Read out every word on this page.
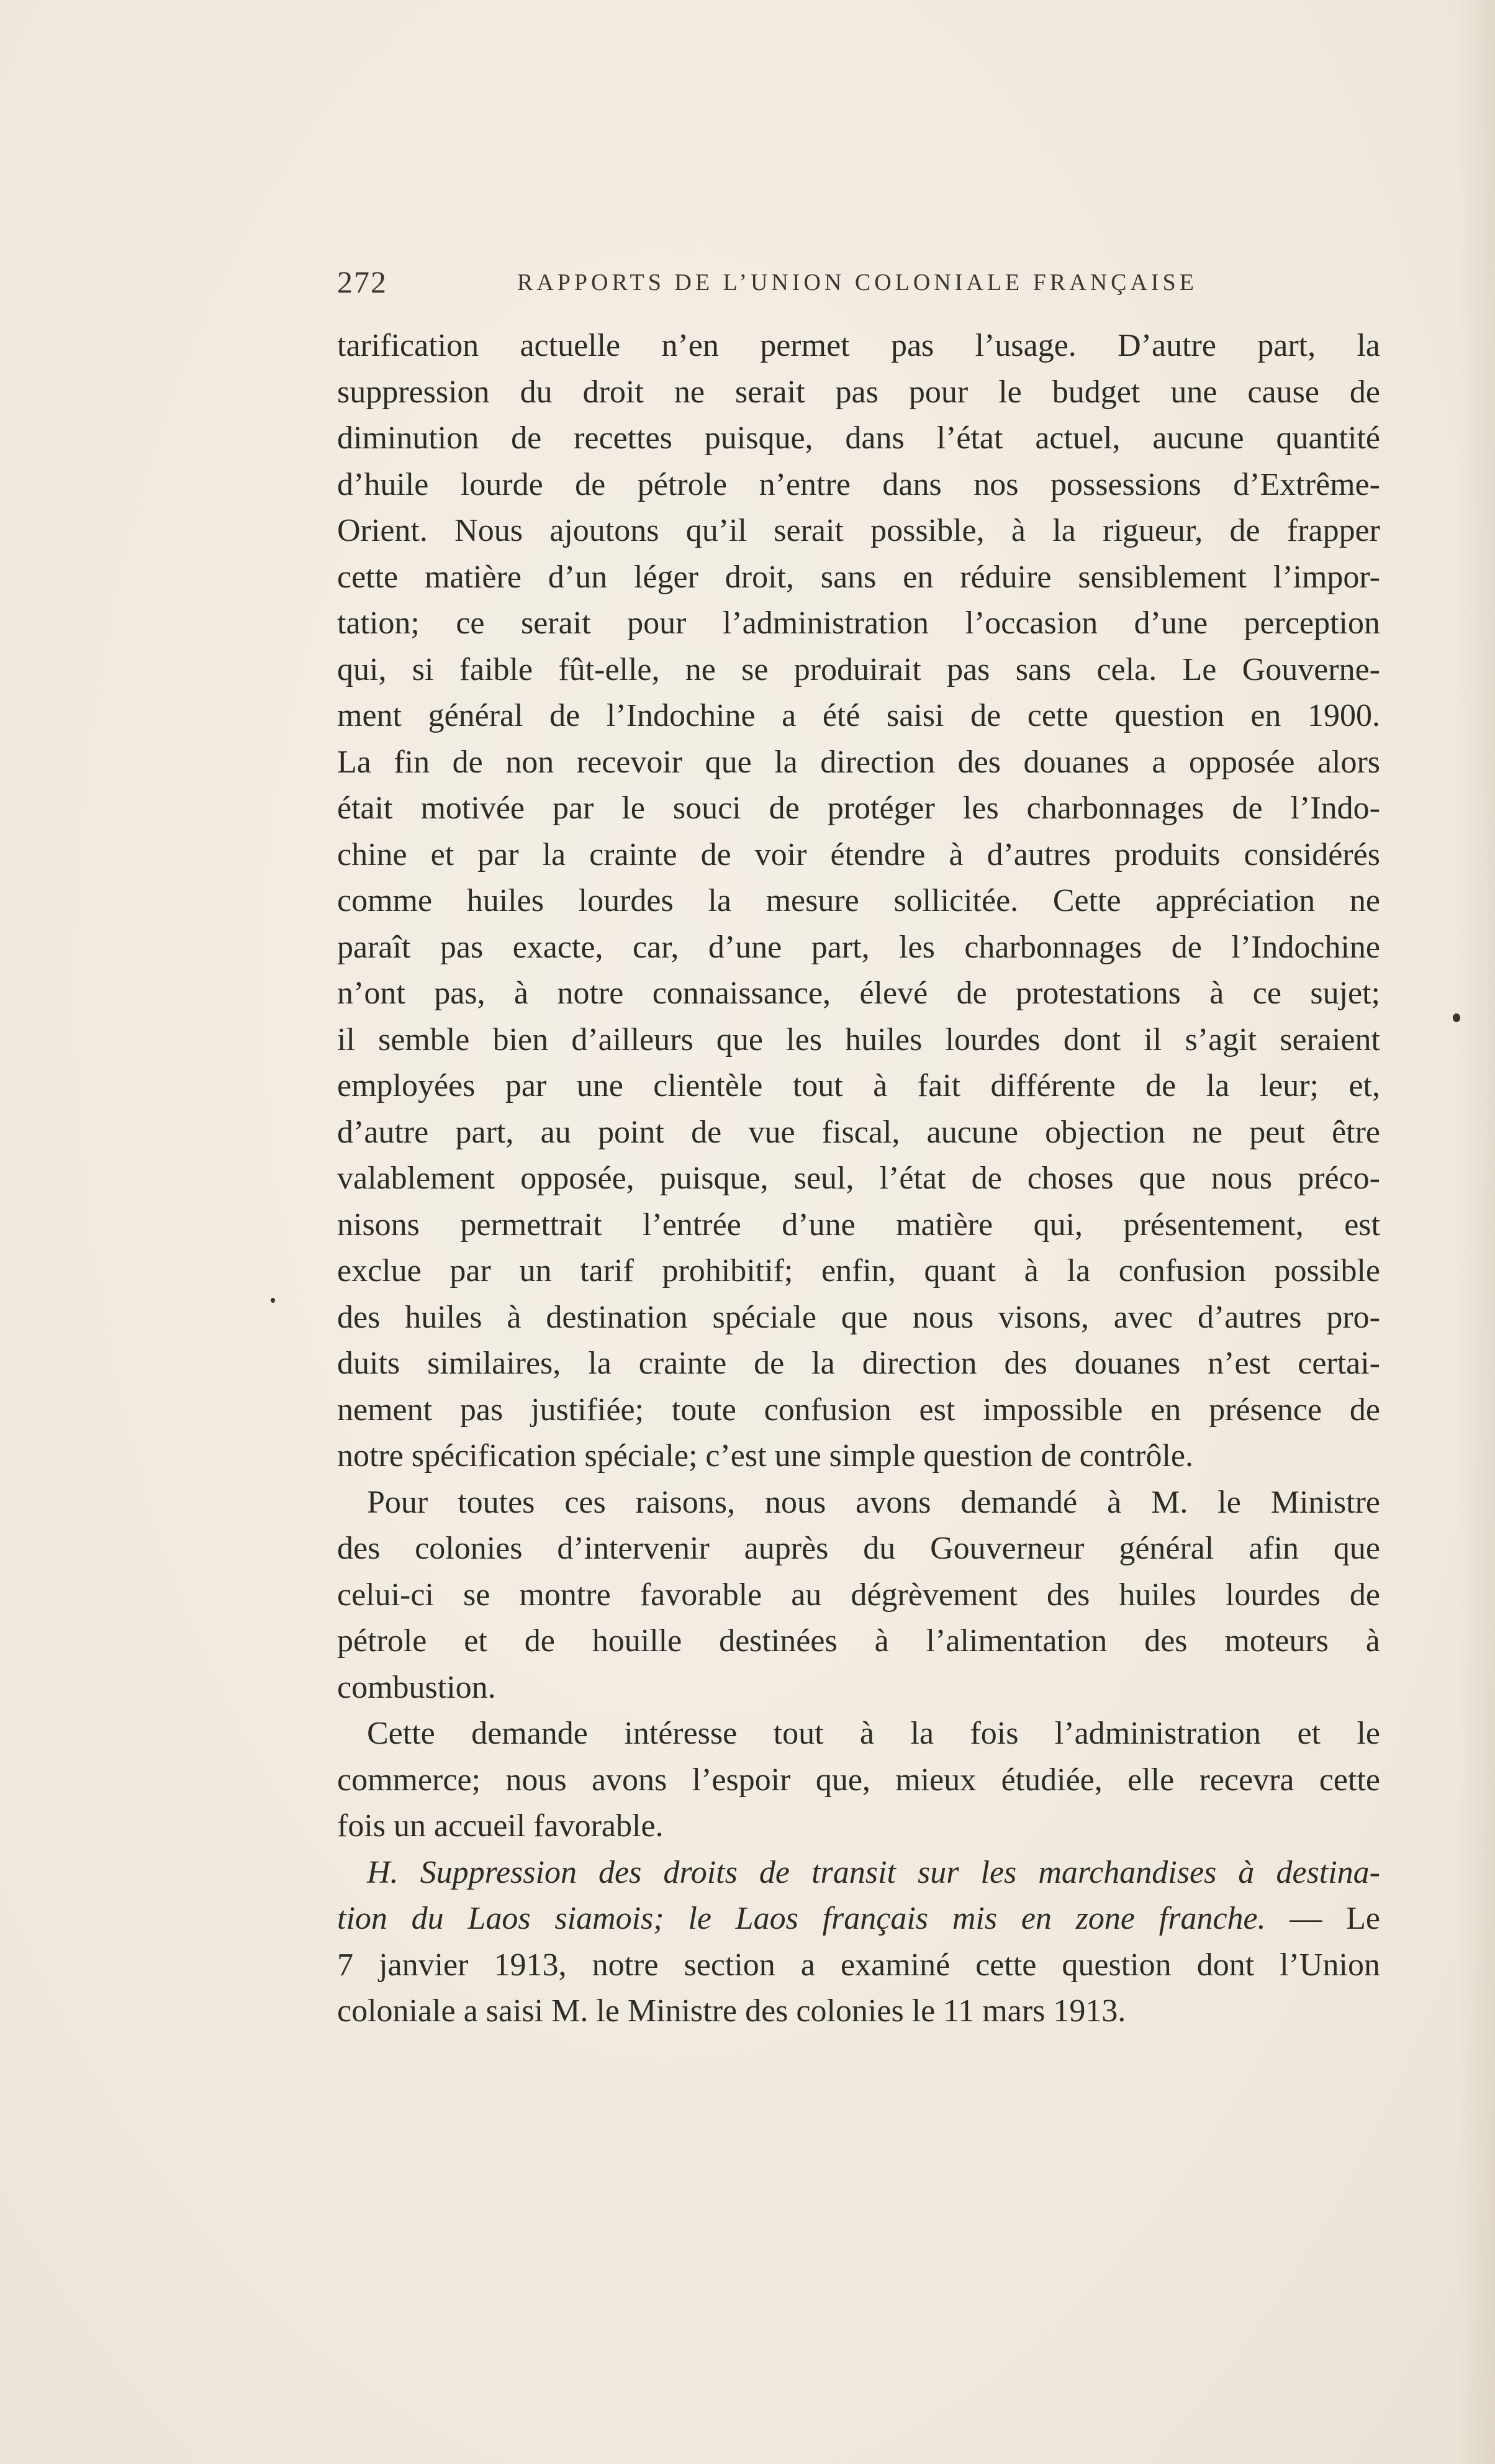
272	RAPPORTS DE L’UNION COLONIALE FRANÇAISE
tarification actuelle n’en permet pas l’usage. D’autre part, la
suppression du droit ne serait pas pour le budget une cause de
diminution de recettes puisque, dans l’état actuel, aucune quantité
d’huile lourde de pétrole n’entre dans nos possessions d’Extrême-
Orient. Nous ajoutons qu’il serait possible, à la rigueur, de frapper
cette matière d’un léger droit, sans en réduire sensiblement l’impor-
tation; ce serait pour l’administration l’occasion d’une perception
qui, si faible fût-elle, ne se produirait pas sans cela. Le Gouverne-
ment général de l’Indochine a été saisi de cette question en 1900.
La fin de non recevoir que la direction des douanes a opposée alors
était motivée par le souci de protéger les charbonnages de l’Indo-
chine et par la crainte de voir étendre à d’autres produits considérés
comme huiles lourdes la mesure sollicitée. Cette appréciation ne
paraît pas exacte, car, d’une part, les charbonnages de l’Indochine
n’ont pas, à notre connaissance, élevé de protestations à ce sujet;
il semble bien d’ailleurs que les huiles lourdes dont il s’agit seraient
employées par une clientèle tout à fait différente de la leur; et,
d’autre part, au point de vue fiscal, aucune objection ne peut être
valablement opposée, puisque, seul, l’état de choses que nous préco-
nisons permettrait l’entrée d’une matière qui, présentement, est
exclue par un tarif prohibitif; enfin, quant à la confusion possible
des huiles à destination spéciale que nous visons, avec d’autres pro-
duits similaires, la crainte de la direction des douanes n’est certai-
nement pas justifiée; toute confusion est impossible en présence de
notre spécification spéciale; c’est une simple question de contrôle.
Pour toutes ces raisons, nous avons demandé à M. le Ministre
des colonies d’intervenir auprès du Gouverneur général afin que
celui-ci se montre favorable au dégrèvement des huiles lourdes de
pétrole et de houille destinées à l’alimentation des moteurs à
combustion.
Cette demande intéresse tout à la fois l’administration et le
commerce; nous avons l’espoir que, mieux étudiée, elle recevra cette
fois un accueil favorable.
H. Suppression des droits de transit sur les marchandises à destina-
tion du Laos siamois; le Laos français mis en zone franche. — Le
7 janvier 1913, notre section a examiné cette question dont l’Union
coloniale a saisi M. le Ministre des colonies le 11 mars 1913.
